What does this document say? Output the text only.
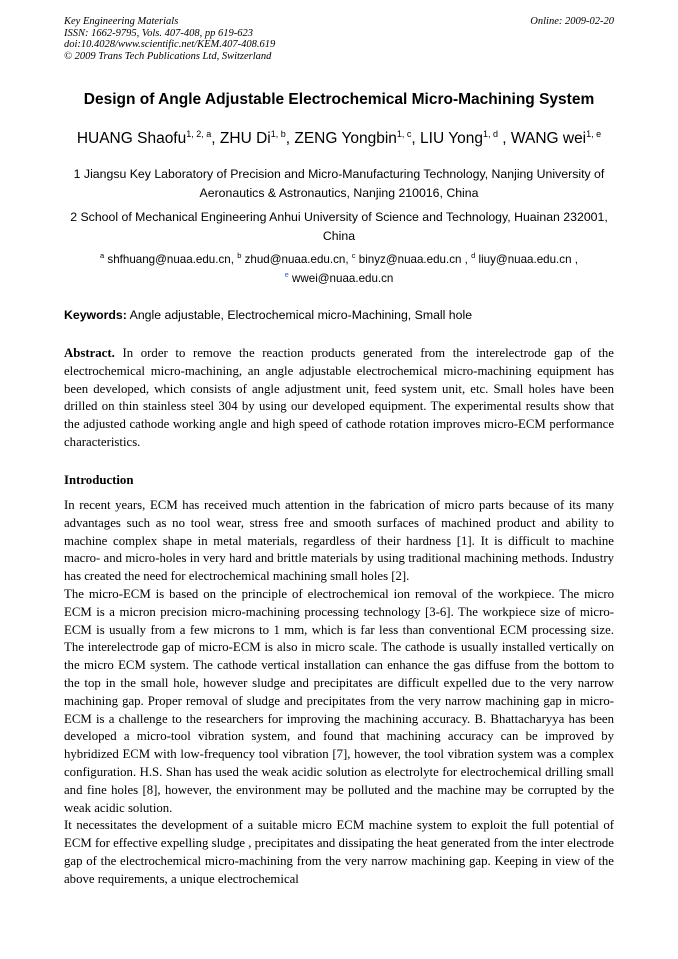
Key Engineering Materials
ISSN: 1662-9795, Vols. 407-408, pp 619-623
doi:10.4028/www.scientific.net/KEM.407-408.619
© 2009 Trans Tech Publications Ltd, Switzerland
Online: 2009-02-20
Design of Angle Adjustable Electrochemical Micro-Machining System
HUANG Shaofu$^{1, 2, a}$, ZHU Di$^{1, b}$, ZENG Yongbin$^{1, c}$, LIU Yong$^{1, d}$ , WANG wei$^{1, e}$
1 Jiangsu Key Laboratory of Precision and Micro-Manufacturing Technology, Nanjing University of Aeronautics & Astronautics, Nanjing 210016, China
2 School of Mechanical Engineering Anhui University of Science and Technology, Huainan 232001, China
$^a$ shfhuang@nuaa.edu.cn, $^b$ zhud@nuaa.edu.cn, $^c$ binyz@nuaa.edu.cn , $^d$ liuy@nuaa.edu.cn ,
$^e$ wwei@nuaa.edu.cn
Keywords: Angle adjustable, Electrochemical micro-Machining, Small hole

Abstract. In order to remove the reaction products generated from the interelectrode gap of the electrochemical micro-machining, an angle adjustable electrochemical micro-machining equipment has been developed, which consists of angle adjustment unit, feed system unit, etc. Small holes have been drilled on thin stainless steel 304 by using our developed equipment. The experimental results show that the adjusted cathode working angle and high speed of cathode rotation improves micro-ECM performance characteristics.

Introduction

In recent years, ECM has received much attention in the fabrication of micro parts because of its many advantages such as no tool wear, stress free and smooth surfaces of machined product and ability to machine complex shape in metal materials, regardless of their hardness [1]. It is difficult to machine macro- and micro-holes in very hard and brittle materials by using traditional machining methods. Industry has created the need for electrochemical machining small holes [2].

The micro-ECM is based on the principle of electrochemical ion removal of the workpiece. The micro ECM is a micron precision micro-machining processing technology [3-6]. The workpiece size of micro-ECM is usually from a few microns to 1 mm, which is far less than conventional ECM processing size. The interelectrode gap of micro-ECM is also in micro scale. The cathode is usually installed vertically on the micro ECM system. The cathode vertical installation can enhance the gas diffuse from the bottom to the top in the small hole, however sludge and precipitates are difficult expelled due to the very narrow machining gap. Proper removal of sludge and precipitates from the very narrow machining gap in micro-ECM is a challenge to the researchers for improving the machining accuracy. B. Bhattacharyya has been developed a micro-tool vibration system, and found that machining accuracy can be improved by hybridized ECM with low-frequency tool vibration [7], however, the tool vibration system was a complex configuration. H.S. Shan has used the weak acidic solution as electrolyte for electrochemical drilling small and fine holes [8], however, the environment may be polluted and the machine may be corrupted by the weak acidic solution.

It necessitates the development of a suitable micro ECM machine system to exploit the full potential of ECM for effective expelling sludge , precipitates and dissipating the heat generated from the inter electrode gap of the electrochemical micro-machining from the very narrow machining gap. Keeping in view of the above requirements, a unique electrochemical
